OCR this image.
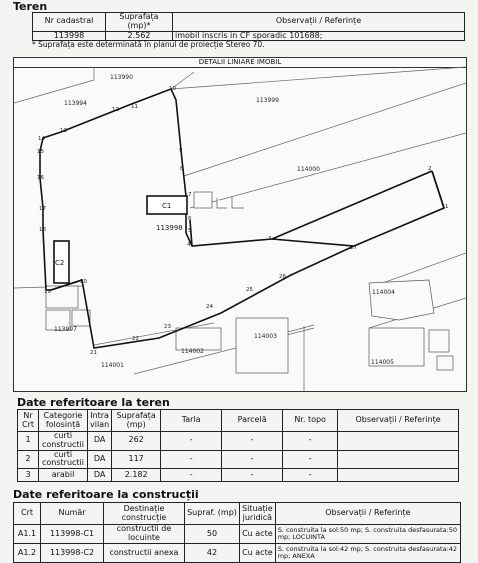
Teren
Nr cadastral	Suprafața (mp)*	Observații / Referințe
113998	2.562	imobil inscris in CF sporadic 101688;
* Suprafața este determinată în planul de proiecție Stereo 70.
DETALII LINIARE IMOBIL
C1
C2
113990
113994	113999
114000
114004
114003
114002
114001	114005
113997
113998
1
2
3
4
5
6
7
8
9
10
11
12
13
14
15
16
17
18
19
20
21
22
23
24
25
26
27
Date referitoare la teren
Nr Crt	Categorie folosință	Intra vilan	Suprafața (mp)	Tarla	Parcelă	Nr. topo	Observații / Referințe
1	curti constructii	DA	262	-	-	-	
2	curti constructii	DA	117	-	-	-	
3	arabil	DA	2.182	-	-	-	
Date referitoare la construcții
Crt	Număr	Destinație construcție	Supraf. (mp)	Situație juridică	Observații / Referințe
A1.1	113998-C1	constructii de locuinte	50	Cu acte	S. construita la sol:50 mp; S. construita desfasurata:50 mp; LOCUINTA
A1.2	113998-C2	constructii anexa	42	Cu acte	S. construita la sol:42 mp; S. construita desfasurata:42 mp; ANEXA
